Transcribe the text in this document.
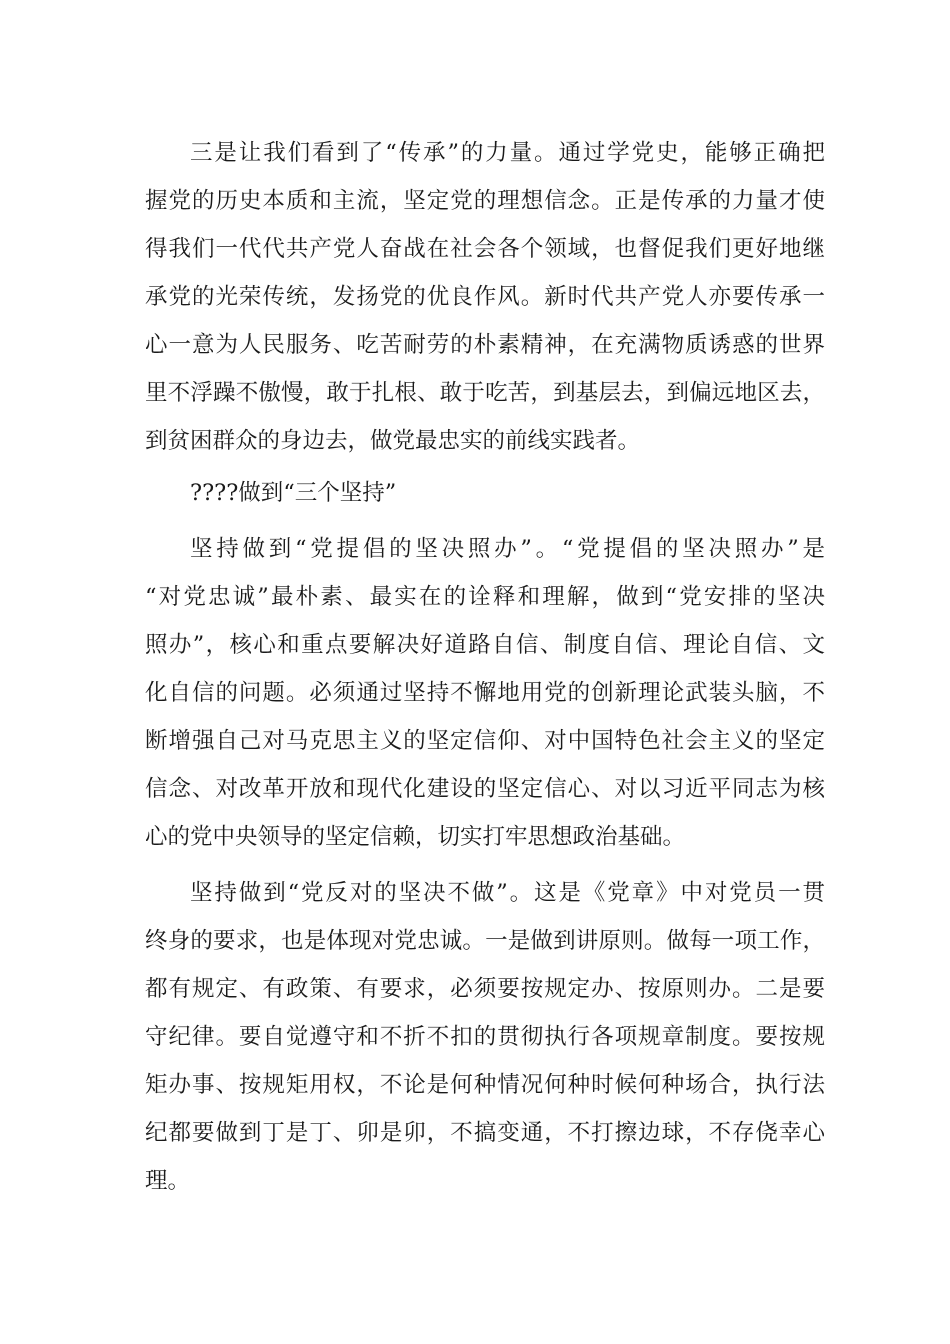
三是让我们看到了“传承”的力量。通过学党史，能够正确把
握党的历史本质和主流，坚定党的理想信念。正是传承的力量才使
得我们一代代共产党人奋战在社会各个领域，也督促我们更好地继
承党的光荣传统，发扬党的优良作风。新时代共产党人亦要传承一
心一意为人民服务、吃苦耐劳的朴素精神，在充满物质诱惑的世界
里不浮躁不傲慢，敢于扎根、敢于吃苦，到基层去，到偏远地区去，
到贫困群众的身边去，做党最忠实的前线实践者。
????做到“三个坚持”
坚持做到“党提倡的坚决照办”。“党提倡的坚决照办”是
“对党忠诚”最朴素、最实在的诠释和理解，做到“党安排的坚决
照办”，核心和重点要解决好道路自信、制度自信、理论自信、文
化自信的问题。必须通过坚持不懈地用党的创新理论武装头脑，不
断增强自己对马克思主义的坚定信仰、对中国特色社会主义的坚定
信念、对改革开放和现代化建设的坚定信心、对以习近平同志为核
心的党中央领导的坚定信赖，切实打牢思想政治基础。
坚持做到“党反对的坚决不做”。这是《党章》中对党员一贯
终身的要求，也是体现对党忠诚。一是做到讲原则。做每一项工作，
都有规定、有政策、有要求，必须要按规定办、按原则办。二是要
守纪律。要自觉遵守和不折不扣的贯彻执行各项规章制度。要按规
矩办事、按规矩用权，不论是何种情况何种时候何种场合，执行法
纪都要做到丁是丁、卯是卯，不搞变通，不打擦边球，不存侥幸心
理。
